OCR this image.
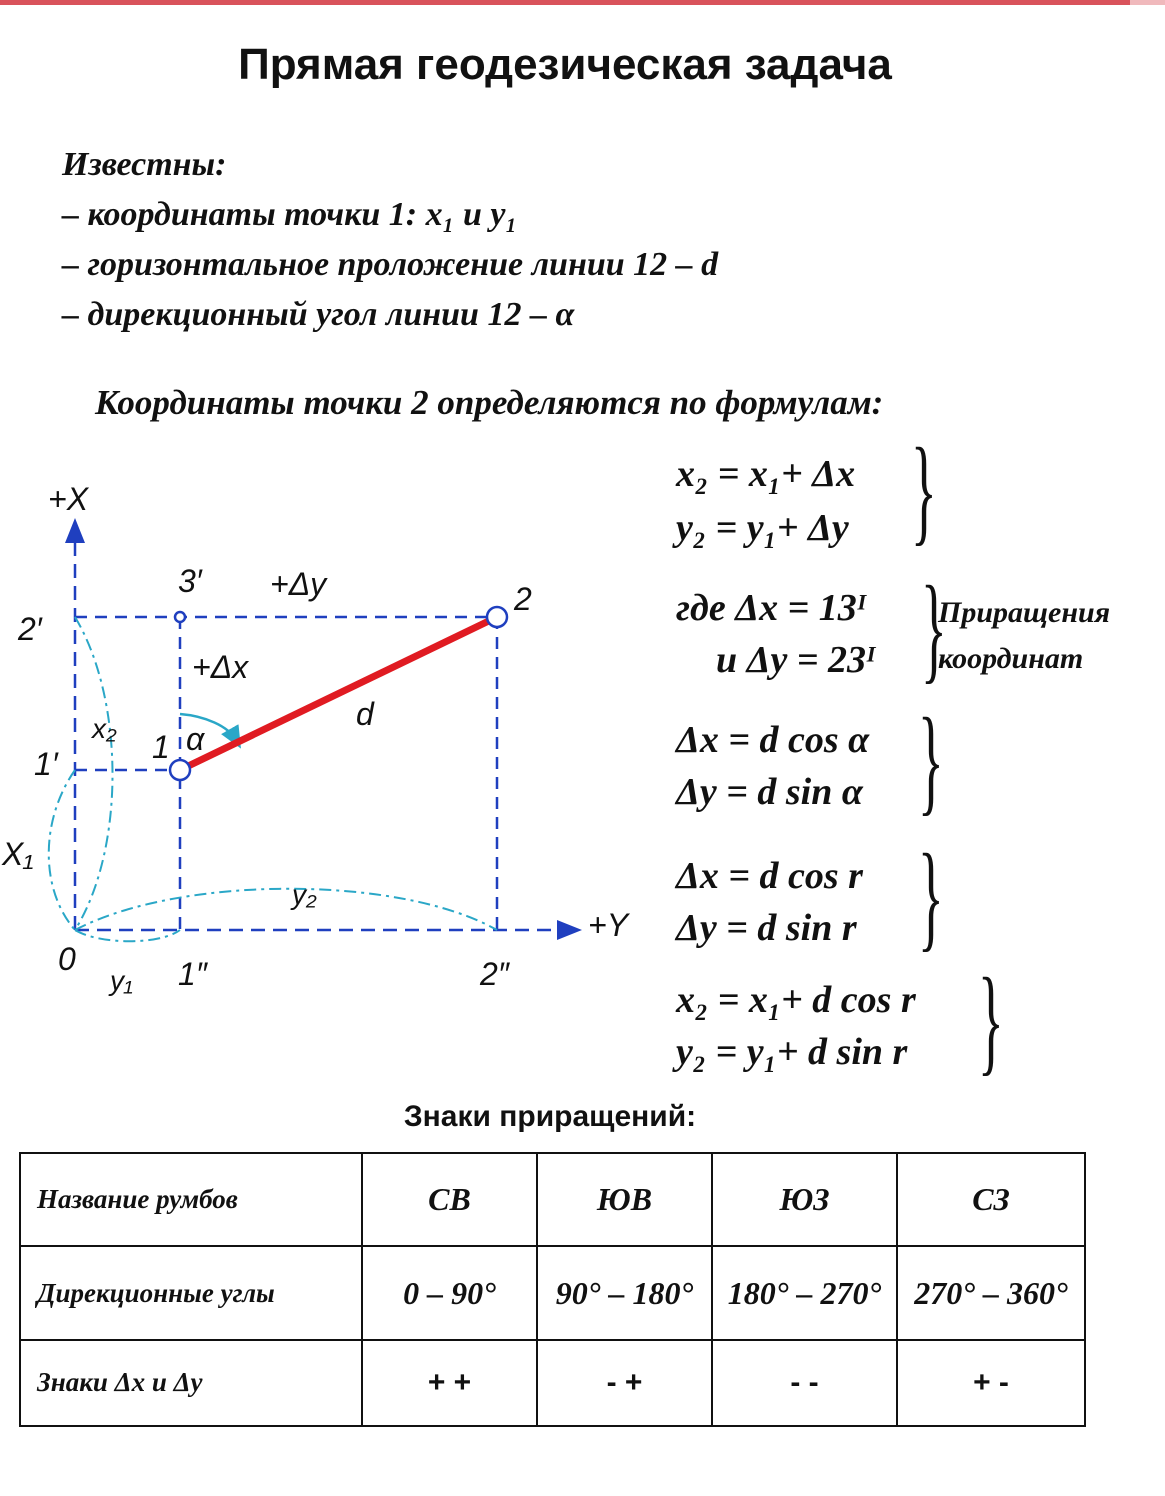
Прямая геодезическая задача
Известны:
– координаты точки 1: x₁ и y₁
– горизонтальное проложение линии 12 – d
– дирекционный угол линии 12 – α
Координаты точки 2 определяются по формулам:
+X
+Y
0
1
2
2′
1′
3′
1″	2″
+Δy
+Δx
d
α
x₂
X₁
y₁
y₂
x₂ = x₁+ Δx
y₂ = y₁+ Δy }
где Δx = 13ᴵ
и Δy = 23ᴵ }
Приращения
координат
Δx = d cos α
Δy = d sin α }
Δx = d cos r
Δy = d sin r }
x₂ = x₁+ d cos r
y₂ = y₁+ d sin r }
Знаки приращений:
Название румбов	СВ	ЮВ	ЮЗ	СЗ
Дирекционные углы	0 – 90°	90° – 180°	180° – 270°	270° – 360°
Знаки Δx и Δy	+ +	- +	- -	+ -
